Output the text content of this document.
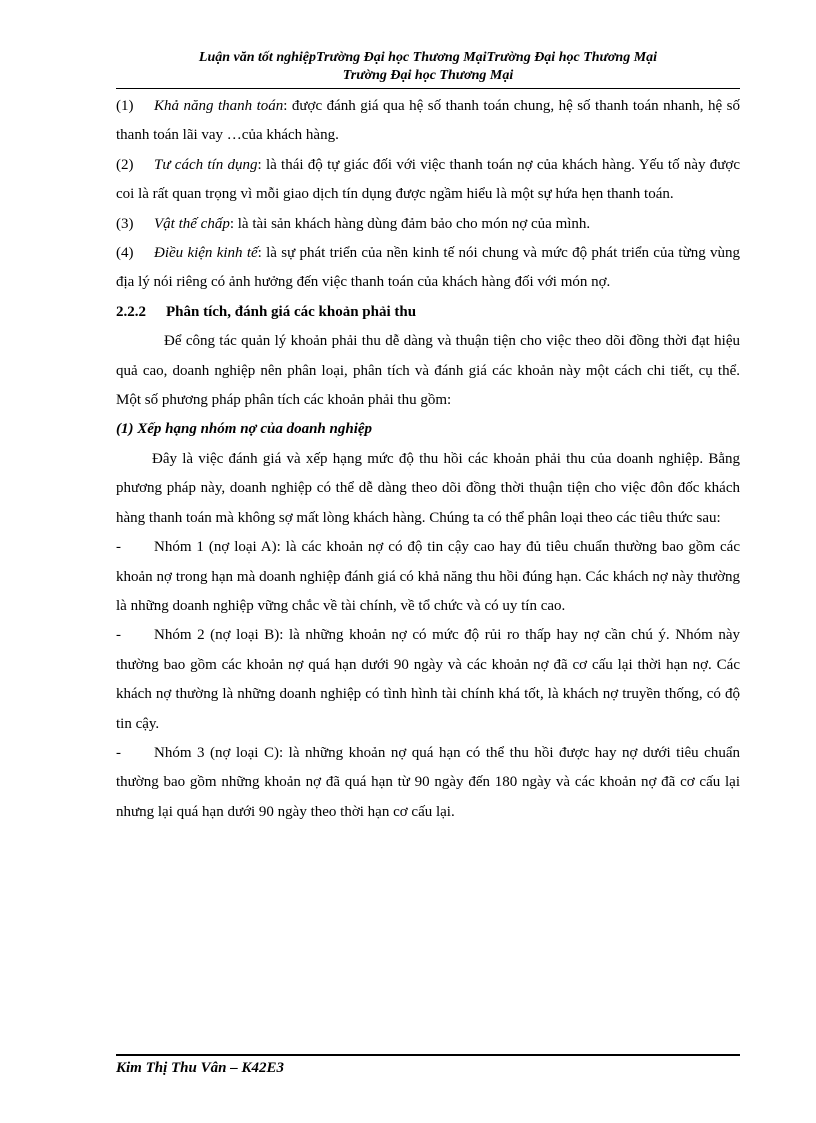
Luận văn tốt nghiệpTrường Đại học Thương MạiTrường Đại học Thương Mại
Trường Đại học Thương Mại

(1) Khả năng thanh toán: được đánh giá qua hệ số thanh toán chung, hệ số thanh toán nhanh, hệ số thanh toán lãi vay …của khách hàng.

(2) Tư cách tín dụng: là thái độ tự giác đối với việc thanh toán nợ của khách hàng. Yếu tố này được coi là rất quan trọng vì mỗi giao dịch tín dụng được ngầm hiểu là một sự hứa hẹn thanh toán.

(3) Vật thế chấp: là tài sản khách hàng dùng đảm bảo cho món nợ của mình.

(4) Điều kiện kinh tế: là sự phát triển của nền kinh tế nói chung và mức độ phát triển của từng vùng địa lý nói riêng có ảnh hưởng đến việc thanh toán của khách hàng đối với món nợ.

2.2.2 Phân tích, đánh giá các khoản phải thu

Để công tác quản lý khoản phải thu dễ dàng và thuận tiện cho việc theo dõi đồng thời đạt hiệu quả cao, doanh nghiệp nên phân loại, phân tích và đánh giá các khoản này một cách chi tiết, cụ thể. Một số phương pháp phân tích các khoản phải thu gồm:

(1) Xếp hạng nhóm nợ của doanh nghiệp

Đây là việc đánh giá và xếp hạng mức độ thu hồi các khoản phải thu của doanh nghiệp. Bằng phương pháp này, doanh nghiệp có thể dễ dàng theo dõi đồng thời thuận tiện cho việc đôn đốc khách hàng thanh toán mà không sợ mất lòng khách hàng. Chúng ta có thể phân loại theo các tiêu thức sau:

- Nhóm 1 (nợ loại A): là các khoản nợ có độ tin cậy cao hay đủ tiêu chuẩn thường bao gồm các khoản nợ trong hạn mà doanh nghiệp đánh giá có khả năng thu hồi đúng hạn. Các khách nợ này thường là những doanh nghiệp vững chắc về tài chính, về tổ chức và có uy tín cao.

- Nhóm 2 (nợ loại B): là những khoản nợ có mức độ rủi ro thấp hay nợ cần chú ý. Nhóm này thường bao gồm các khoản nợ quá hạn dưới 90 ngày và các khoản nợ đã cơ cấu lại thời hạn nợ. Các khách nợ thường là những doanh nghiệp có tình hình tài chính khá tốt, là khách nợ truyền thống, có độ tin cậy.

- Nhóm 3 (nợ loại C): là những khoản nợ quá hạn có thể thu hồi được hay nợ dưới tiêu chuẩn thường bao gồm những khoản nợ đã quá hạn từ 90 ngày đến 180 ngày và các khoản nợ đã cơ cấu lại nhưng lại quá hạn dưới 90 ngày theo thời hạn cơ cấu lại.

Kim Thị Thu Vân – K42E3
